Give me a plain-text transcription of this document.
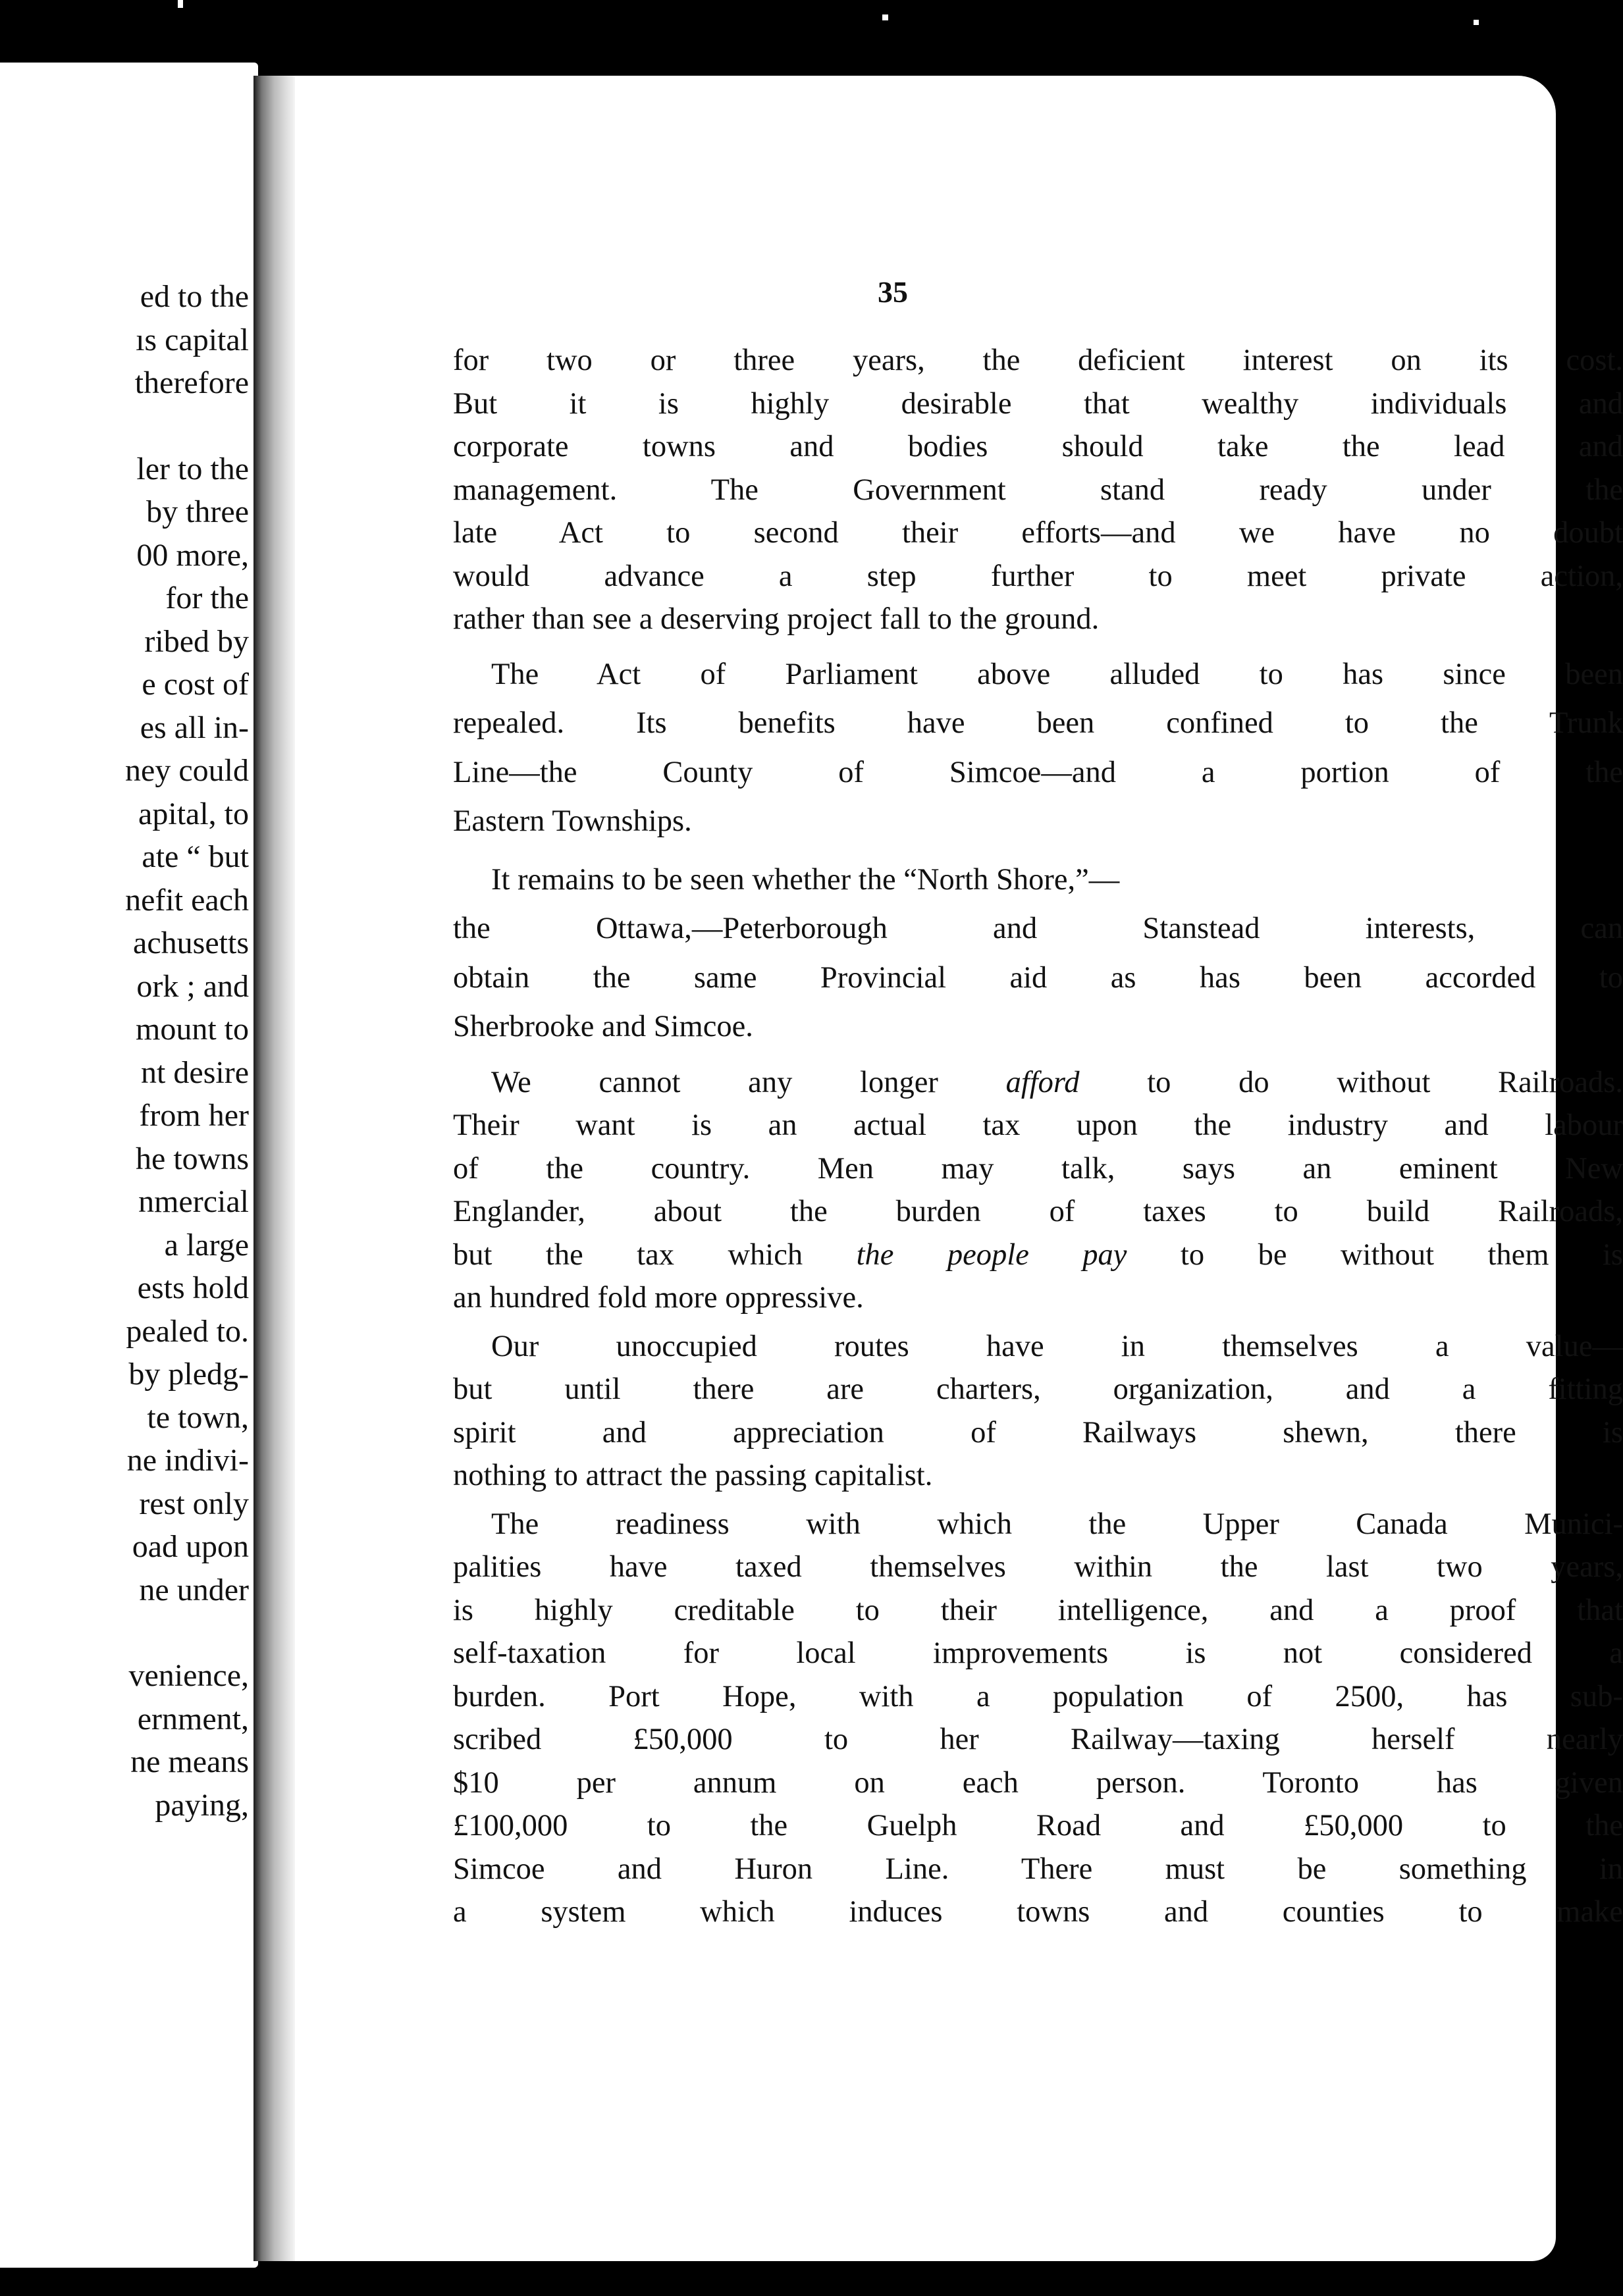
ed to the
ıs capital
therefore
ler to the
by three
00 more,
for the
ribed by
e cost of
es all in-
ney could
apital, to
ate “ but
nefit each
achusetts
ork ; and
mount to
nt desire
from her
he towns
nmercial
a large
ests hold
pealed to.
by pledg-
te town,
ne indivi-
rest only
oad upon
ne under
venience,
ernment,
ne means
paying,
35
for two or three years, the deficient interest on its cost.
But it is highly desirable that wealthy individuals and
corporate towns and bodies should take the lead and
management. The Government stand ready under the
late Act to second their efforts—and we have no doubt
would advance a step further to meet private action,
rather than see a deserving project fall to the ground.
The Act of Parliament above alluded to has since been
repealed. Its benefits have been confined to the Trunk
Line—the County of Simcoe—and a portion of the
Eastern Townships.
It remains to be seen whether the “North Shore,”—
the Ottawa,—Peterborough and Stanstead interests, can
obtain the same Provincial aid as has been accorded to
Sherbrooke and Simcoe.
We cannot any longer afford to do without Railroads.
Their want is an actual tax upon the industry and labour
of the country. Men may talk, says an eminent New
Englander, about the burden of taxes to build Railroads,
but the tax which the people pay to be without them is
an hundred fold more oppressive.
Our unoccupied routes have in themselves a value—
but until there are charters, organization, and a fitting
spirit and appreciation of Railways shewn, there is
nothing to attract the passing capitalist.
The readiness with which the Upper Canada Munici-
palities have taxed themselves within the last two years,
is highly creditable to their intelligence, and a proof that
self-taxation for local improvements is not considered a
burden. Port Hope, with a population of 2500, has sub-
scribed £50,000 to her Railway—taxing herself nearly
$10 per annum on each person. Toronto has given
£100,000 to the Guelph Road and £50,000 to the
Simcoe and Huron Line. There must be something in
a system which induces towns and counties to make
